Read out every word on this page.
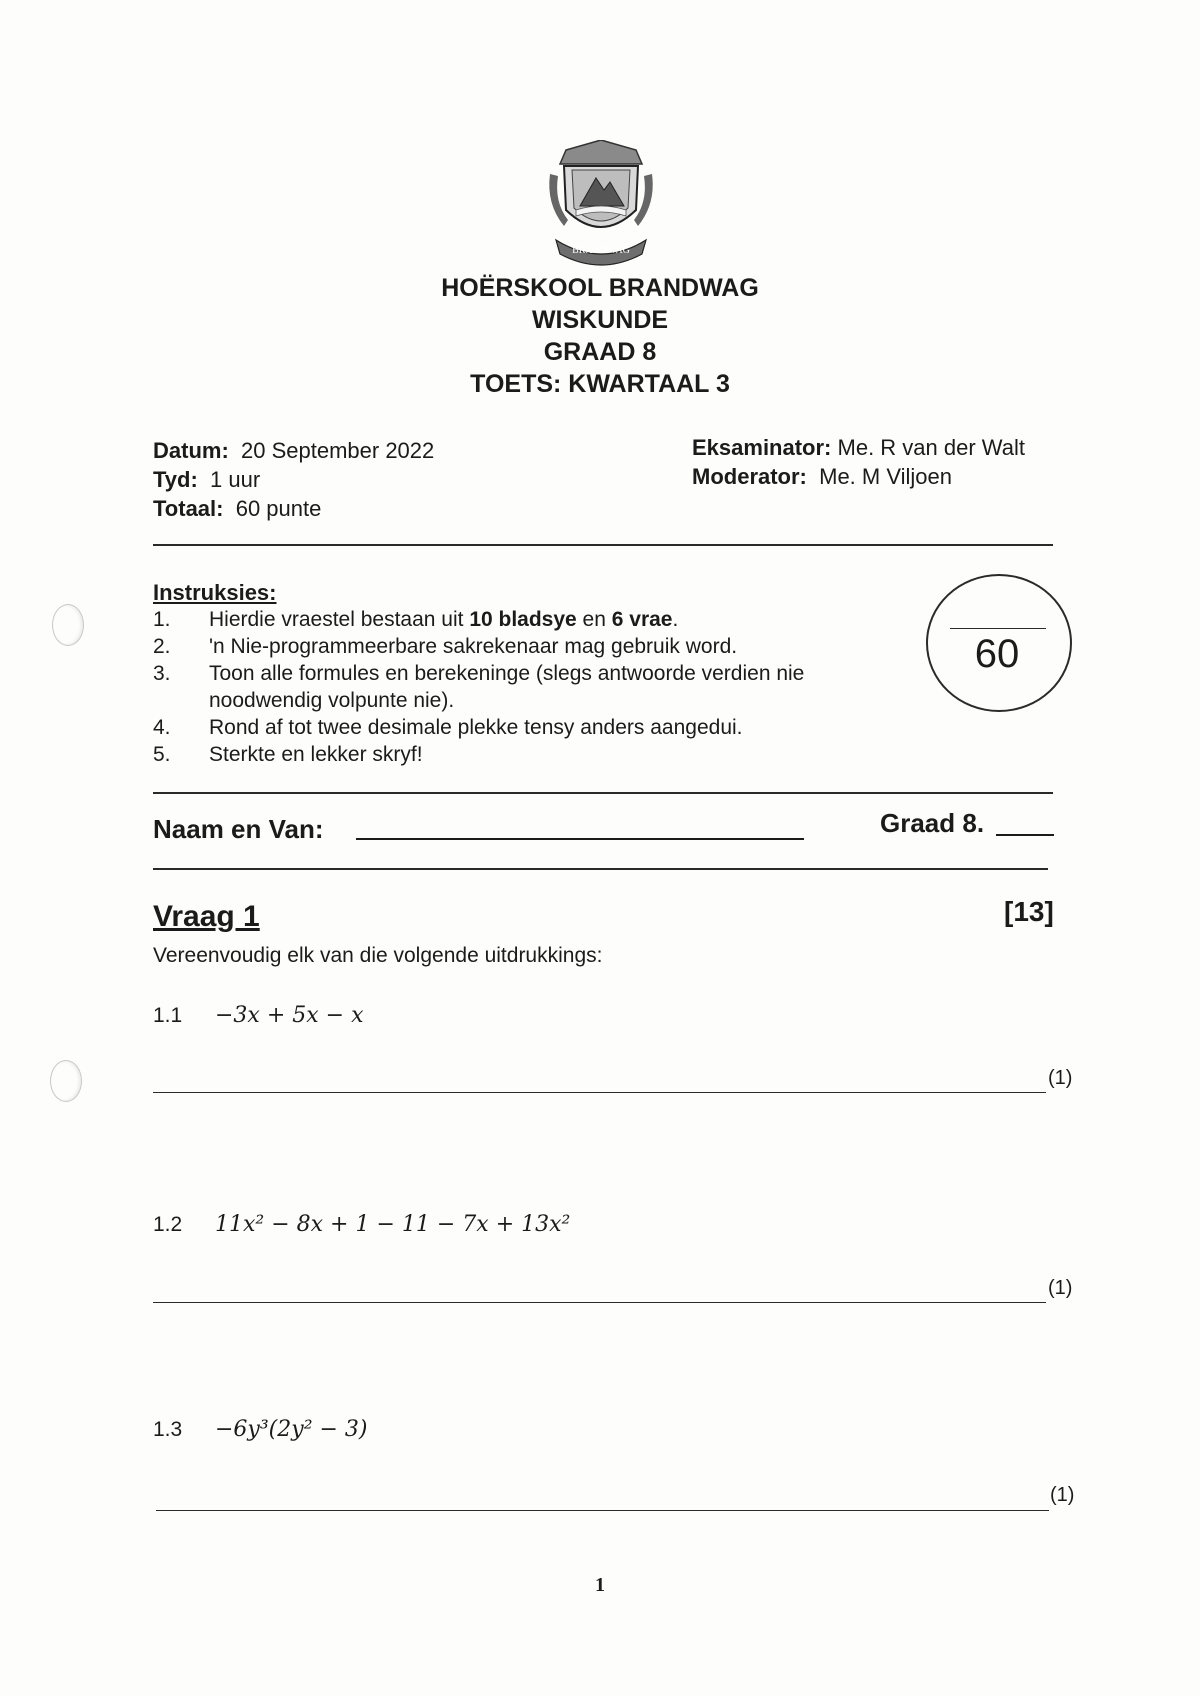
BRANDWAG
HOËRSKOOL BRANDWAG
WISKUNDE
GRAAD 8
TOETS: KWARTAAL 3
Datum: 20 September 2022
Tyd: 1 uur
Totaal: 60 punte
Eksaminator: Me. R van der Walt
Moderator: Me. M Viljoen
Instruksies:
1.	Hierdie vraestel bestaan uit 10 bladsye en 6 vrae.
2.	'n Nie-programmeerbare sakrekenaar mag gebruik word.
3.	Toon alle formules en berekeninge (slegs antwoorde verdien nie noodwendig volpunte nie).
4.	Rond af tot twee desimale plekke tensy anders aangedui.
5.	Sterkte en lekker skryf!
60
Naam en Van:	Graad 8.
Vraag 1	[13]
Vereenvoudig elk van die volgende uitdrukkings:
1.1	−3x + 5x − x
(1)
1.2	11x² − 8x + 1 − 11 − 7x + 13x²
(1)
1.3	−6y³(2y² − 3)
(1)
1
